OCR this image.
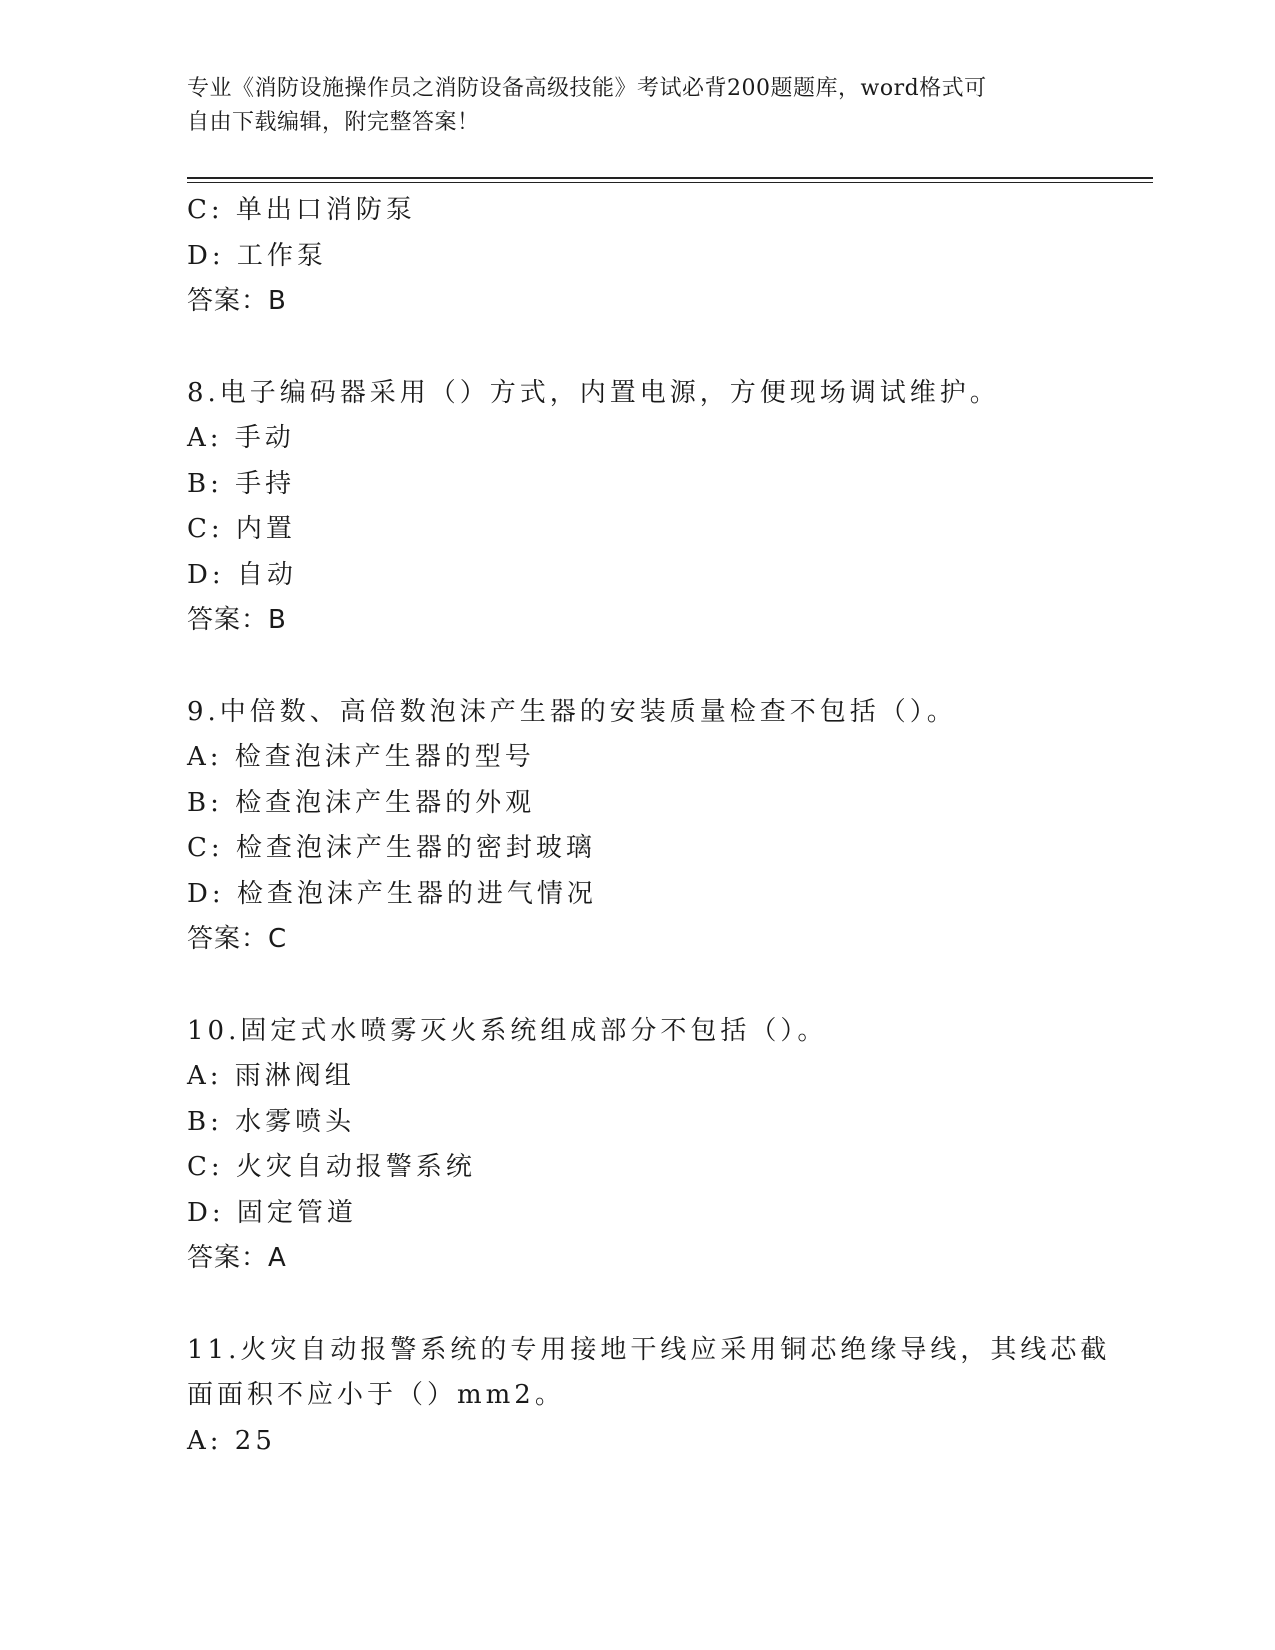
专业《消防设施操作员之消防设备高级技能》考试必背200题题库，word格式可
自由下载编辑，附完整答案！
C: 单出口消防泵
D: 工作泵
答案：B
8.电子编码器采用（）方式，内置电源，方便现场调试维护。
A: 手动
B: 手持
C: 内置
D: 自动
答案：B
9.中倍数、高倍数泡沫产生器的安装质量检查不包括（）。
A: 检查泡沫产生器的型号
B: 检查泡沫产生器的外观
C: 检查泡沫产生器的密封玻璃
D: 检查泡沫产生器的进气情况
答案：C
10.固定式水喷雾灭火系统组成部分不包括（）。
A: 雨淋阀组
B: 水雾喷头
C: 火灾自动报警系统
D: 固定管道
答案：A
11.火灾自动报警系统的专用接地干线应采用铜芯绝缘导线，其线芯截
面面积不应小于（）mm2。
A: 25
